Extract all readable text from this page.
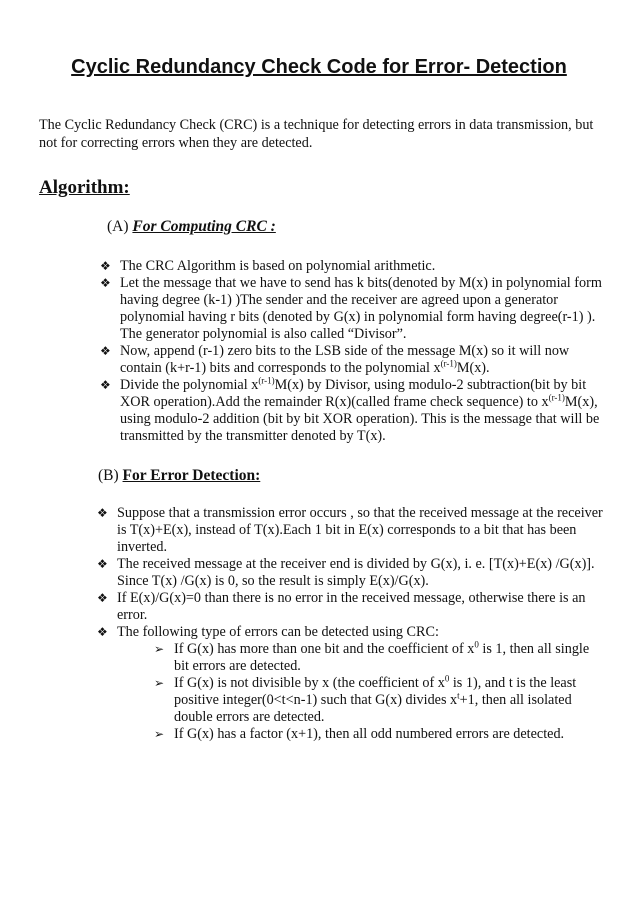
Cyclic Redundancy Check Code for Error- Detection
The Cyclic Redundancy Check (CRC) is a technique for detecting errors in data transmission, but not for correcting errors when they are detected.
Algorithm:
(A) For Computing CRC :
❖ The CRC Algorithm is based on polynomial arithmetic.
❖ Let the message that we have to send has k bits(denoted by M(x) in polynomial form having degree (k-1) )The sender and the receiver are agreed upon a generator polynomial having r bits (denoted by G(x) in polynomial form having degree(r-1) ). The generator polynomial is also called “Divisor”.
❖ Now, append (r-1) zero bits to the LSB side of the message M(x) so it will now contain (k+r-1) bits and corresponds to the polynomial $x^{(r-1)}M(x)$.
❖ Divide the polynomial $x^{(r-1)}M(x)$ by Divisor, using modulo-2 subtraction(bit by bit XOR operation).Add the remainder R(x)(called frame check sequence) to $x^{(r-1)}M(x)$, using modulo-2 addition (bit by bit XOR operation). This is the message that will be transmitted by the transmitter denoted by T(x).
(B) For Error Detection:
❖ Suppose that a transmission error occurs , so that the received message at the receiver is T(x)+E(x), instead of T(x).Each 1 bit in E(x) corresponds to a bit that has been inverted.
❖ The received message at the receiver end is divided by G(x), i. e. [T(x)+E(x) /G(x)]. Since T(x) /G(x) is 0, so the result is simply E(x)/G(x).
❖ If E(x)/G(x)=0 than there is no error in the received message, otherwise there is an error.
❖ The following type of errors can be detected using CRC:
➢ If G(x) has more than one bit and the coefficient of $x^0$ is 1, then all single bit errors are detected.
➢ If G(x) is not divisible by x (the coefficient of $x^0$ is 1), and t is the least positive integer(0<t<n-1) such that G(x) divides $x^t+1$, then all isolated double errors are detected.
➢ If G(x) has a factor (x+1), then all odd numbered errors are detected.
